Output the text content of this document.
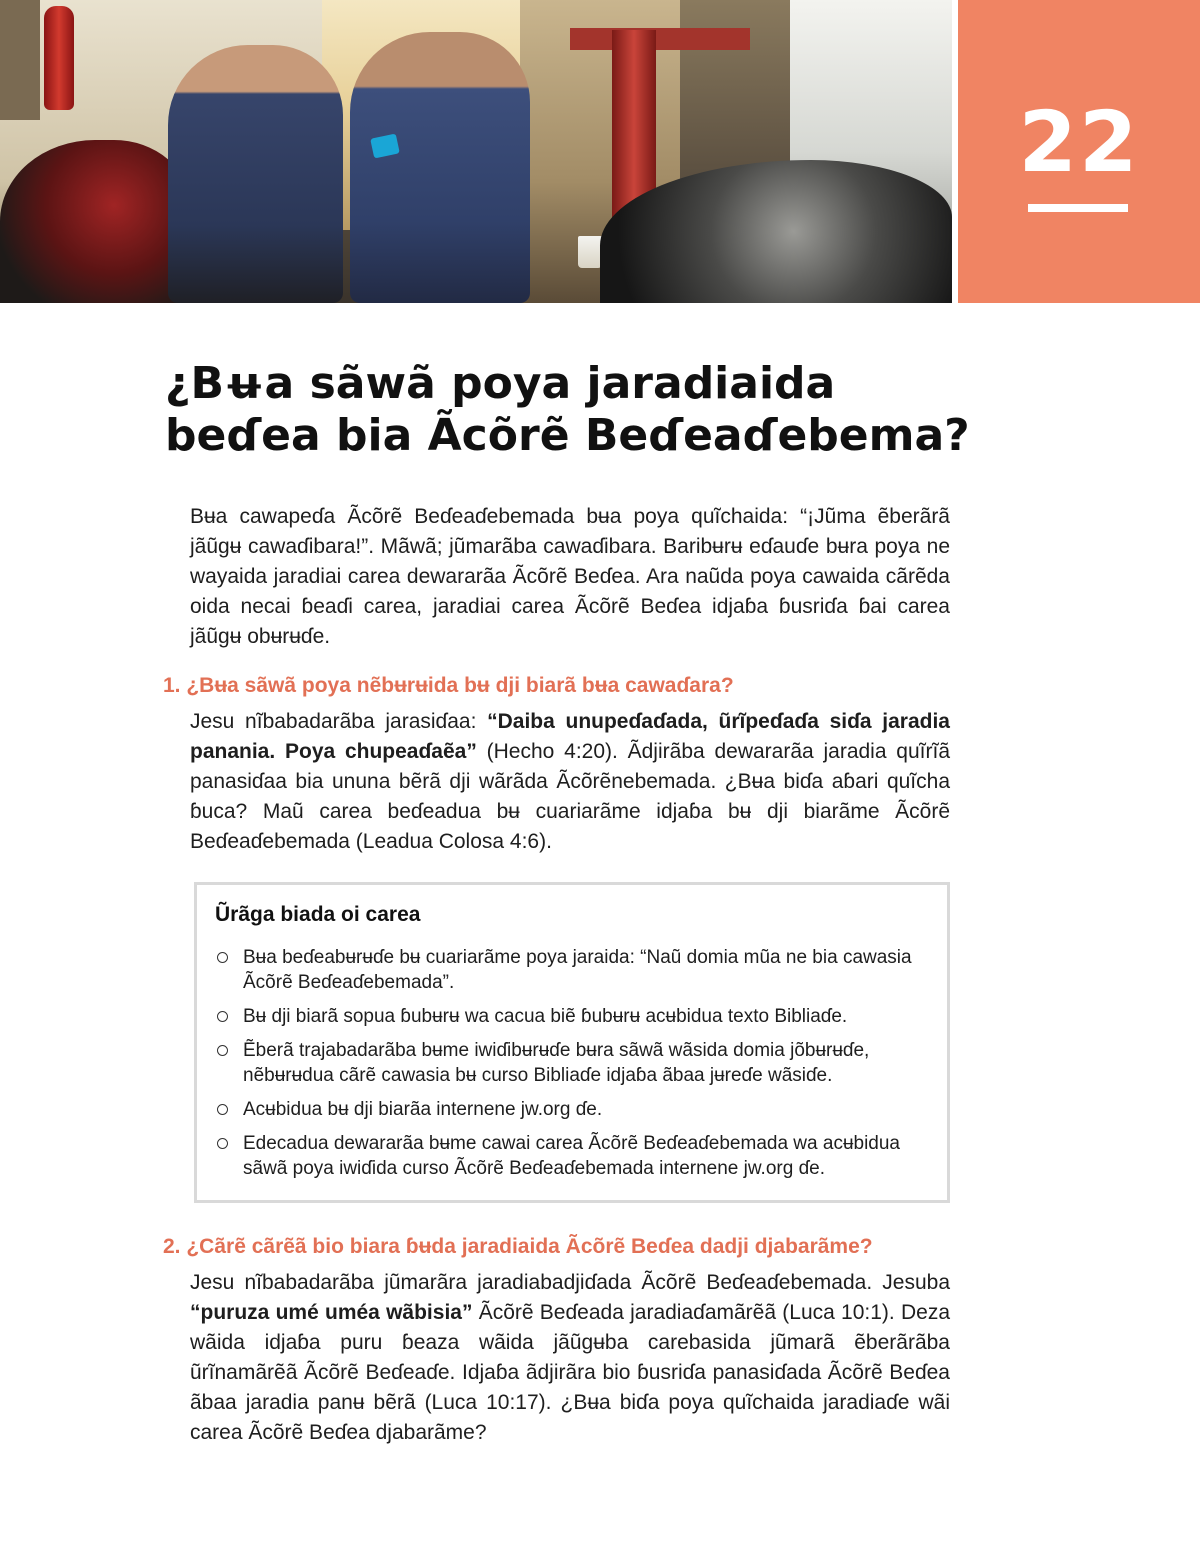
22
¿Bʉa sãwã poya jaradiaida
beɗea bia Ãcõrẽ Beɗeaɗebema?

Bʉa cawapeɗa Ãcõrẽ Beɗeaɗebemada bʉa poya quĩchaida: “¡Jũma ẽberãrã jãũgʉ cawaɗibara!”. Mãwã; jũmarãba cawaɗibara. Baribʉrʉ eɗauɗe bʉra poya ne wayaida jaradiai carea dewararãa Ãcõrẽ Beɗea. Ara naũda poya cawaida cãrẽda oida necai ɓeaɗi carea, jaradiai carea Ãcõrẽ Beɗea idjaɓa ɓusriɗa ɓai carea jãũgʉ obʉrʉɗe.

1. ¿Bʉa sãwã poya nẽbʉrʉida bʉ dji biarã bʉa cawaɗara?

Jesu nĩbabadarãba jarasiɗaa: “Daiba unupeɗaɗada, ũrĩpeɗaɗa siɗa jaradia panania. Poya chupeaɗaẽa” (Hecho 4:20). Ãdjirãba dewararãa jaradia quĩrĩã panasiɗaa bia ununa bẽrã dji wãrãda Ãcõrẽnebemada. ¿Bʉa biɗa aɓari quĩcha ɓuca? Maũ carea beɗeadua bʉ cuariarãme idjaɓa bʉ dji biarãme Ãcõrẽ Beɗeaɗebemada (Leadua Colosa 4:6).

Ũrãga biada oi carea
Bʉa beɗeabʉrʉɗe bʉ cuariarãme poya jaraida: “Naũ domia mũa ne bia cawasia Ãcõrẽ Beɗeaɗebemada”.
Bʉ dji biarã sopua ɓubʉrʉ wa cacua biẽ ɓubʉrʉ acʉbidua texto Bibliaɗe.
Ẽberã trajabadarãba bʉme iwiɗibʉrʉɗe bʉra sãwã wãsida domia jõbʉrʉɗe, nẽbʉrʉdua cãrẽ cawasia bʉ curso Bibliaɗe idjaɓa ãbaa jʉreɗe wãsiɗe.
Acʉbidua bʉ dji biarãa internene jw.org ɗe.
Edecadua dewararãa bʉme cawai carea Ãcõrẽ Beɗeaɗebemada wa acʉbidua sãwã poya iwiɗida curso Ãcõrẽ Beɗeaɗebemada internene jw.org ɗe.
2. ¿Cãrẽ cãrẽã bio biara ɓʉda jaradiaida Ãcõrẽ Beɗea dadji djabarãme?

Jesu nĩbabadarãba jũmarãra jaradiabadjiɗada Ãcõrẽ Beɗeaɗebemada. Jesuba “puruza umé uméa wãbisia” Ãcõrẽ Beɗeada jaradiaɗamãrẽã (Luca 10:1). Deza wãida idjaɓa puru ɓeaza wãida jãũgʉba carebasida jũmarã ẽberãrãba ũrĩnamãrẽã Ãcõrẽ Beɗeaɗe. Idjaɓa ãdjirãra bio ɓusriɗa panasiɗada Ãcõrẽ Beɗea ãbaa jaradia panʉ bẽrã (Luca 10:17). ¿Bʉa biɗa poya quĩchaida jaradiaɗe wãi carea Ãcõrẽ Beɗea djabarãme?
